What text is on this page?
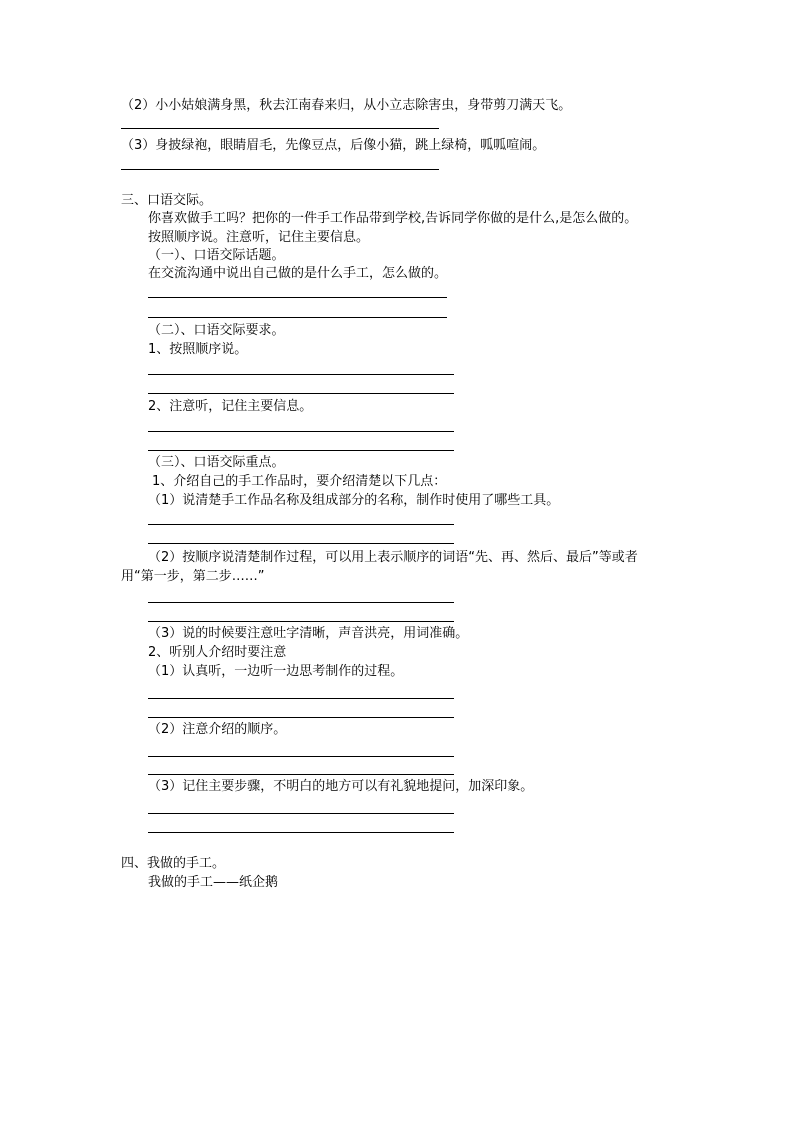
（2）小小姑娘满身黑，秋去江南春来归，从小立志除害虫，身带剪刀满天飞。
（3）身披绿袍，眼睛眉毛，先像豆点，后像小猫，跳上绿椅，呱呱喧闹。
三、口语交际。
你喜欢做手工吗？把你的一件手工作品带到学校,告诉同学你做的是什么,是怎么做的。
按照顺序说。注意听，记住主要信息。
（一）、口语交际话题。
在交流沟通中说出自己做的是什么手工，怎么做的。
（二）、口语交际要求。
1、按照顺序说。
2、注意听，记住主要信息。
（三）、口语交际重点。
1、介绍自己的手工作品时，要介绍清楚以下几点：
（1）说清楚手工作品名称及组成部分的名称，制作时使用了哪些工具。
（2）按顺序说清楚制作过程，可以用上表示顺序的词语“先、再、然后、最后”等或者
用“第一步，第二步……”
（3）说的时候要注意吐字清晰，声音洪亮，用词准确。
2、听别人介绍时要注意
（1）认真听，一边听一边思考制作的过程。
（2）注意介绍的顺序。
（3）记住主要步骤，不明白的地方可以有礼貌地提问，加深印象。
四、我做的手工。
我做的手工——纸企鹅
